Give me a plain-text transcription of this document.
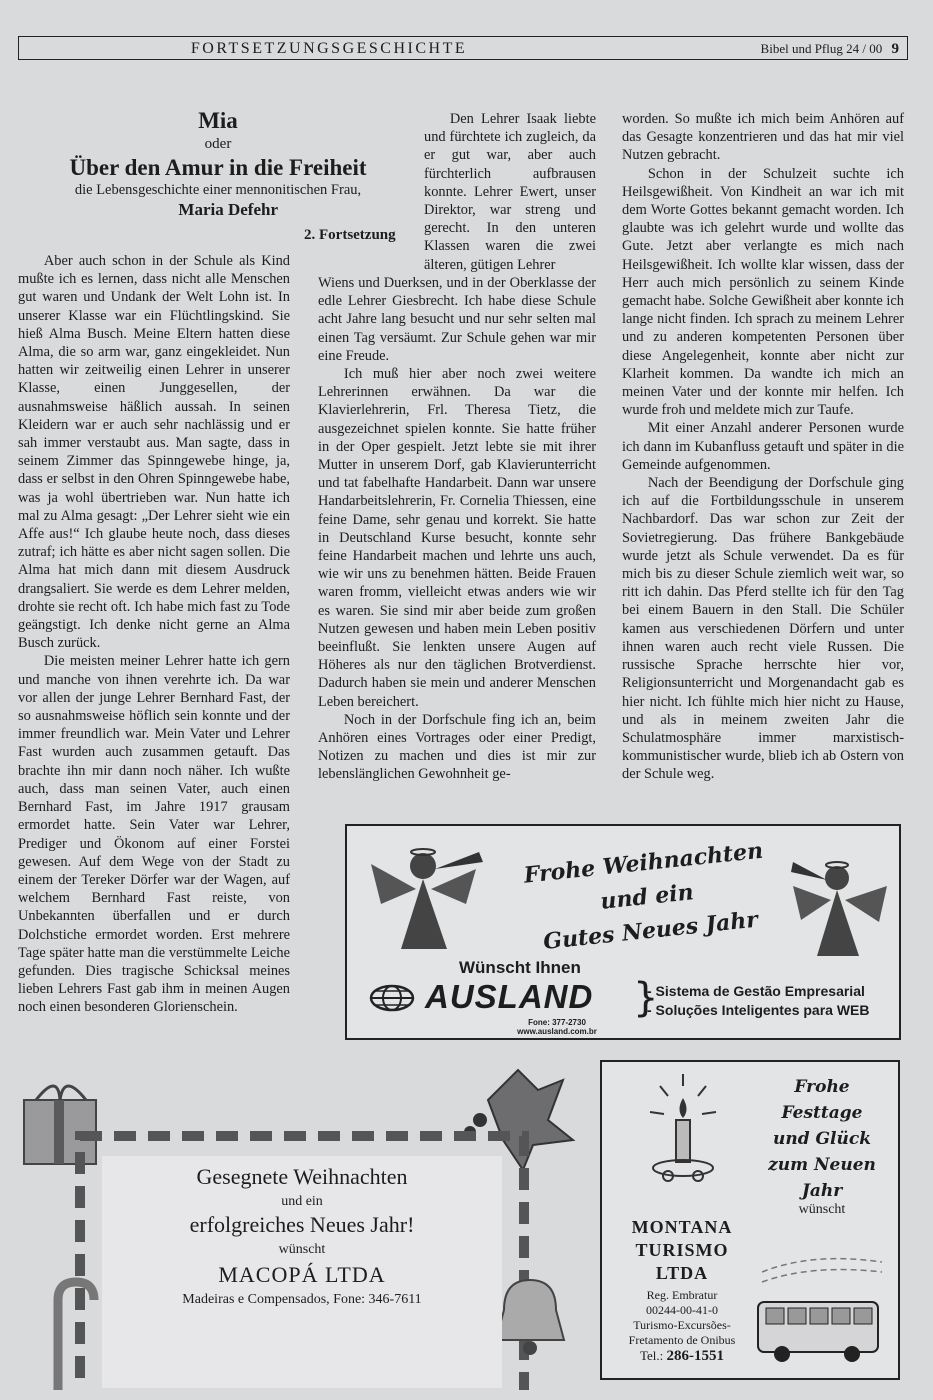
FORTSETZUNGSGESCHICHTE	Bibel und Pflug 24 / 00 9
Mia
oder
Über den Amur in die Freiheit
die Lebensgeschichte einer mennonitischen Frau,
Maria Defehr
2. Fortsetzung

Aber auch schon in der Schule als Kind mußte ich es lernen, dass nicht alle Menschen gut waren und Undank der Welt Lohn ist. In unserer Klasse war ein Flüchtlingskind. Sie hieß Alma Busch. Meine Eltern hatten diese Alma, die so arm war, ganz eingekleidet. Nun hatten wir zeitweilig einen Lehrer in unserer Klasse, einen Junggesellen, der ausnahmsweise häßlich aussah. In seinen Kleidern war er auch sehr nachlässig und er sah immer verstaubt aus. Man sagte, dass in seinem Zimmer das Spinngewebe hinge, ja, dass er selbst in den Ohren Spinngewebe habe, was ja wohl übertrieben war. Nun hatte ich mal zu Alma gesagt: „Der Lehrer sieht wie ein Affe aus!“ Ich glaube heute noch, dass dieses zutraf; ich hätte es aber nicht sagen sollen. Die Alma hat mich dann mit diesem Ausdruck drangsaliert. Sie werde es dem Lehrer melden, drohte sie recht oft. Ich habe mich fast zu Tode geängstigt. Ich denke nicht gerne an Alma Busch zurück.

Die meisten meiner Lehrer hatte ich gern und manche von ihnen verehrte ich. Da war vor allen der junge Lehrer Bernhard Fast, der so ausnahmsweise höflich sein konnte und der immer freundlich war. Mein Vater und Lehrer Fast wurden auch zusammen getauft. Das brachte ihn mir dann noch näher. Ich wußte auch, dass man seinen Vater, auch einen Bernhard Fast, im Jahre 1917 grausam ermordet hatte. Sein Vater war Lehrer, Prediger und Ökonom auf einer Forstei gewesen. Auf dem Wege von der Stadt zu einem der Tereker Dörfer war der Wagen, auf welchem Bernhard Fast reiste, von Unbekannten überfallen und er durch Dolchstiche ermordet worden. Erst mehrere Tage später hatte man die verstümmelte Leiche gefunden. Dies tragische Schicksal meines lieben Lehrers Fast gab ihm in meinen Augen noch einen besonderen Glorienschein.

Den Lehrer Isaak liebte und fürchtete ich zugleich, da er gut war, aber auch fürchterlich aufbrausen konnte. Lehrer Ewert, unser Direktor, war streng und gerecht. In den unteren Klassen waren die zwei älteren, gütigen Lehrer

Wiens und Duerksen, und in der Oberklasse der edle Lehrer Giesbrecht. Ich habe diese Schule acht Jahre lang besucht und nur sehr selten mal einen Tag versäumt. Zur Schule gehen war mir eine Freude.

Ich muß hier aber noch zwei weitere Lehrerinnen erwähnen. Da war die Klavierlehrerin, Frl. Theresa Tietz, die ausgezeichnet spielen konnte. Sie hatte früher in der Oper gespielt. Jetzt lebte sie mit ihrer Mutter in unserem Dorf, gab Klavierunterricht und tat fabelhafte Handarbeit. Dann war unsere Handarbeitslehrerin, Fr. Cornelia Thiessen, eine feine Dame, sehr genau und korrekt. Sie hatte in Deutschland Kurse besucht, konnte sehr feine Handarbeit machen und lehrte uns auch, wie wir uns zu benehmen hätten. Beide Frauen waren fromm, vielleicht etwas anders wie wir es waren. Sie sind mir aber beide zum großen Nutzen gewesen und haben mein Leben positiv beeinflußt. Sie lenkten unsere Augen auf Höheres als nur den täglichen Brotverdienst. Dadurch haben sie mein und anderer Menschen Leben bereichert.

Noch in der Dorfschule fing ich an, beim Anhören eines Vortrages oder einer Predigt, Notizen zu machen und dies ist mir zur lebenslänglichen Gewohnheit ge-

worden. So mußte ich mich beim Anhören auf das Gesagte konzentrieren und das hat mir viel Nutzen gebracht.

Schon in der Schulzeit suchte ich Heilsgewißheit. Von Kindheit an war ich mit dem Worte Gottes bekannt gemacht worden. Ich glaubte was ich gelehrt wurde und wollte das Gute. Jetzt aber verlangte es mich nach Heilsgewißheit. Ich wollte klar wissen, dass der Herr auch mich persönlich zu seinem Kinde gemacht habe. Solche Gewißheit aber konnte ich lange nicht finden. Ich sprach zu meinem Lehrer und zu anderen kompetenten Personen über diese Angelegenheit, konnte aber nicht zur Klarheit kommen. Da wandte ich mich an meinen Vater und der konnte mir helfen. Ich wurde froh und meldete mich zur Taufe.

Mit einer Anzahl anderer Personen wurde ich dann im Kubanfluss getauft und später in die Gemeinde aufgenommen.

Nach der Beendigung der Dorfschule ging ich auf die Fortbildungsschule in unserem Nachbardorf. Das war schon zur Zeit der Sovietregierung. Das frühere Bankgebäude wurde jetzt als Schule verwendet. Da es für mich bis zu dieser Schule ziemlich weit war, so ritt ich dahin. Das Pferd stellte ich für den Tag bei einem Bauern in den Stall. Die Schüler kamen aus verschiedenen Dörfern und unter ihnen waren auch recht viele Russen. Die russische Sprache herrschte hier vor, Religionsunterricht und Morgenandacht gab es hier nicht. Ich fühlte mich hier nicht zu Hause, und als in meinem zweiten Jahr die Schulatmosphäre immer marxistisch-kommunistischer wurde, blieb ich ab Ostern von der Schule weg.

Frohe Weihnachten
und ein
Gutes Neues Jahr
Wünscht Ihnen
AUSLAND }
- Sistema de Gestão Empresarial
- Soluções Inteligentes para WEB
Fone: 377-2730
www.ausland.com.br
Gesegnete Weihnachten
und ein
erfolgreiches Neues Jahr!
wünscht
MACOPÁ LTDA
Madeiras e Compensados, Fone: 346-7611
Frohe
Festtage
und Glück
zum Neuen
Jahr
wünscht
MONTANA
TURISMO
LTDA
Reg. Embratur
00244-00-41-0
Turismo-Excursões-
Fretamento de Onibus
Tel.: 286-1551
